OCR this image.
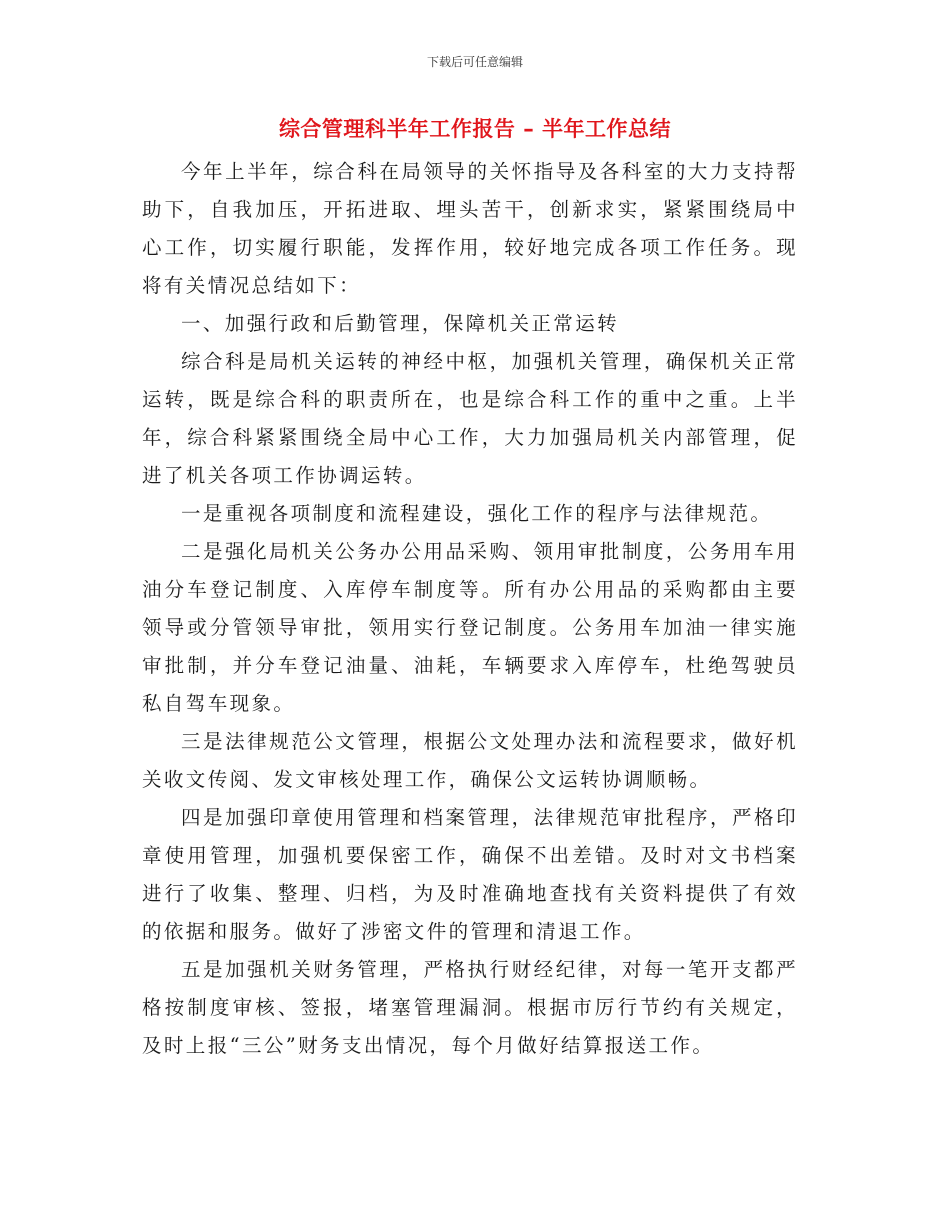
下载后可任意编辑
综合管理科半年工作报告 – 半年工作总结

今年上半年，综合科在局领导的关怀指导及各科室的大力支持帮助下，自我加压，开拓进取、埋头苦干，创新求实，紧紧围绕局中心工作，切实履行职能，发挥作用，较好地完成各项工作任务。现将有关情况总结如下：

一、加强行政和后勤管理，保障机关正常运转

综合科是局机关运转的神经中枢，加强机关管理，确保机关正常运转，既是综合科的职责所在，也是综合科工作的重中之重。上半年，综合科紧紧围绕全局中心工作，大力加强局机关内部管理，促进了机关各项工作协调运转。

一是重视各项制度和流程建设，强化工作的程序与法律规范。

二是强化局机关公务办公用品采购、领用审批制度，公务用车用油分车登记制度、入库停车制度等。所有办公用品的采购都由主要领导或分管领导审批，领用实行登记制度。公务用车加油一律实施审批制，并分车登记油量、油耗，车辆要求入库停车，杜绝驾驶员私自驾车现象。

三是法律规范公文管理，根据公文处理办法和流程要求，做好机关收文传阅、发文审核处理工作，确保公文运转协调顺畅。

四是加强印章使用管理和档案管理，法律规范审批程序，严格印章使用管理，加强机要保密工作，确保不出差错。及时对文书档案进行了收集、整理、归档，为及时准确地查找有关资料提供了有效的依据和服务。做好了涉密文件的管理和清退工作。

五是加强机关财务管理，严格执行财经纪律，对每一笔开支都严格按制度审核、签报，堵塞管理漏洞。根据市厉行节约有关规定，及时上报“三公”财务支出情况，每个月做好结算报送工作。
